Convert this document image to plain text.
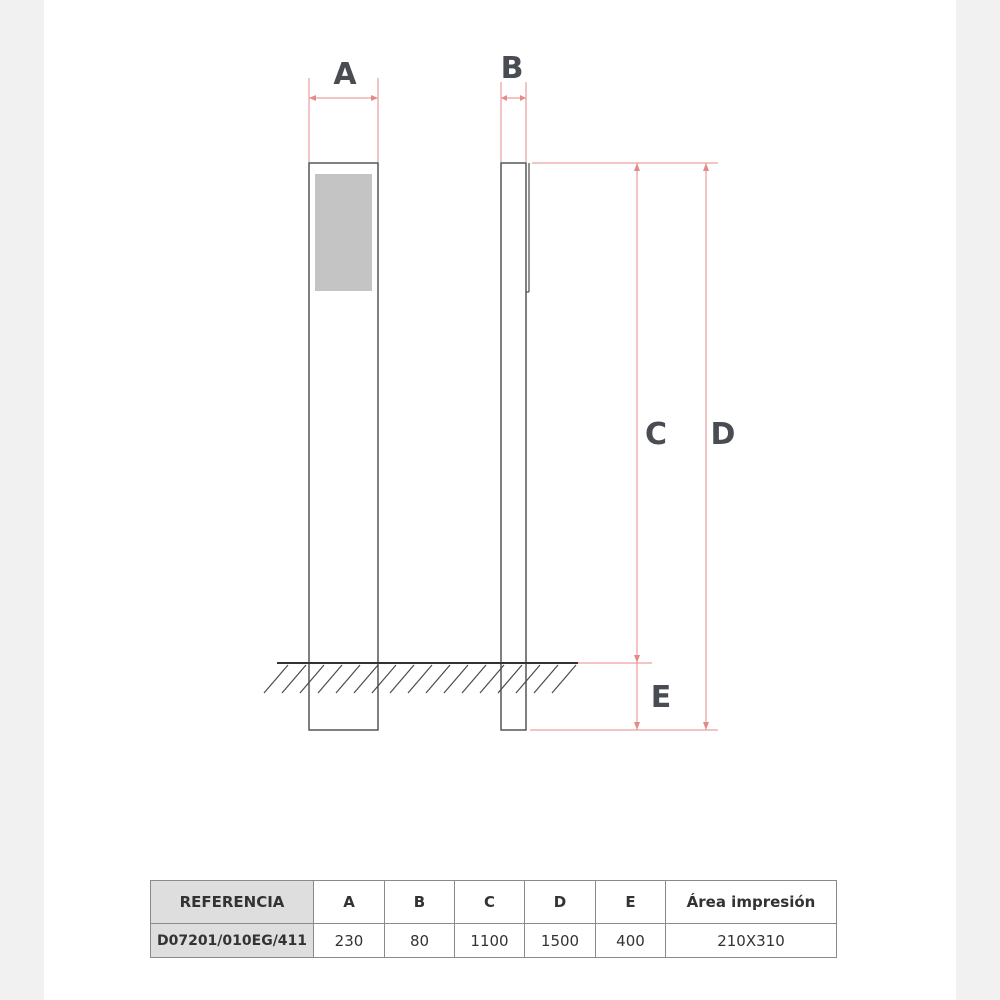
A	B
C D
E
REFERENCIA	A	B	C	D	E	Área impresión
D07201/010EG/411	230	80	1100	1500	400	210X310
